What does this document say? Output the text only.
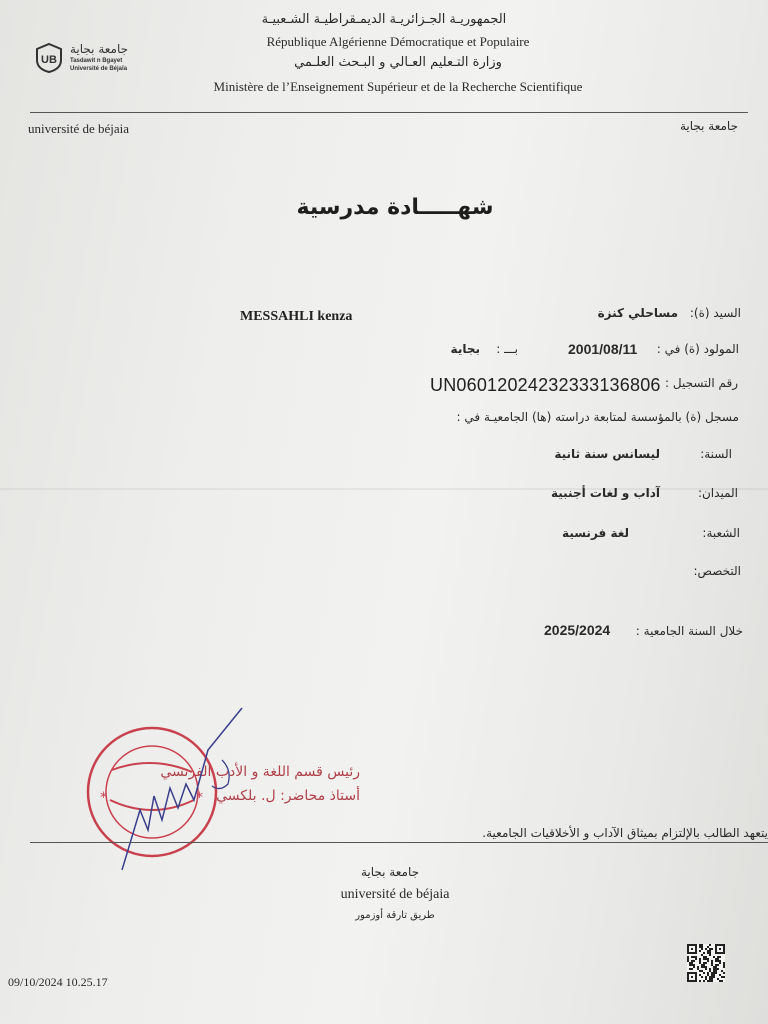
الجمهوريـة الجـزائريـة الديمـقراطيـة الشـعبيـة
République Algérienne Démocratique et Populaire
وزارة التـعليم العـالي و البـحث العلـمي
Ministère de l’Enseignement Supérieur et de la Recherche Scientifique
UB
جامعة بجاية
Tasdawit n Bgayet
Université de Béjaïa
université de béjaia	جامعة بجاية
شهـــــادة مدرسية
MESSAHLI kenza	السيد (ة):
مساحلي كنزة
المولود (ة) في :
2001/08/11
بـــ :
بجاية
رقم التسجيل :
UN06012024232333136806
مسجل (ة) بالمؤسسة لمتابعة دراسته (ها) الجامعيـة في :
السنة:
ليسانس سنة ثانية
الميدان:
آداب و لغات أجنبية
الشعبة:
لغة فرنسية
التخصص:
خلال السنة الجامعية :
2025/2024
رئيس قسم اللغة و الأدب الفرنسي
أستاذ محاضر: ل. بلكسي
*	*
يتعهد الطالب بالإلتزام بميثاق الآداب و الأخلاقيات الجامعية.
جامعة بجاية
université de béjaia
طريق تارقة أوزمور
09/10/2024 10.25.17
